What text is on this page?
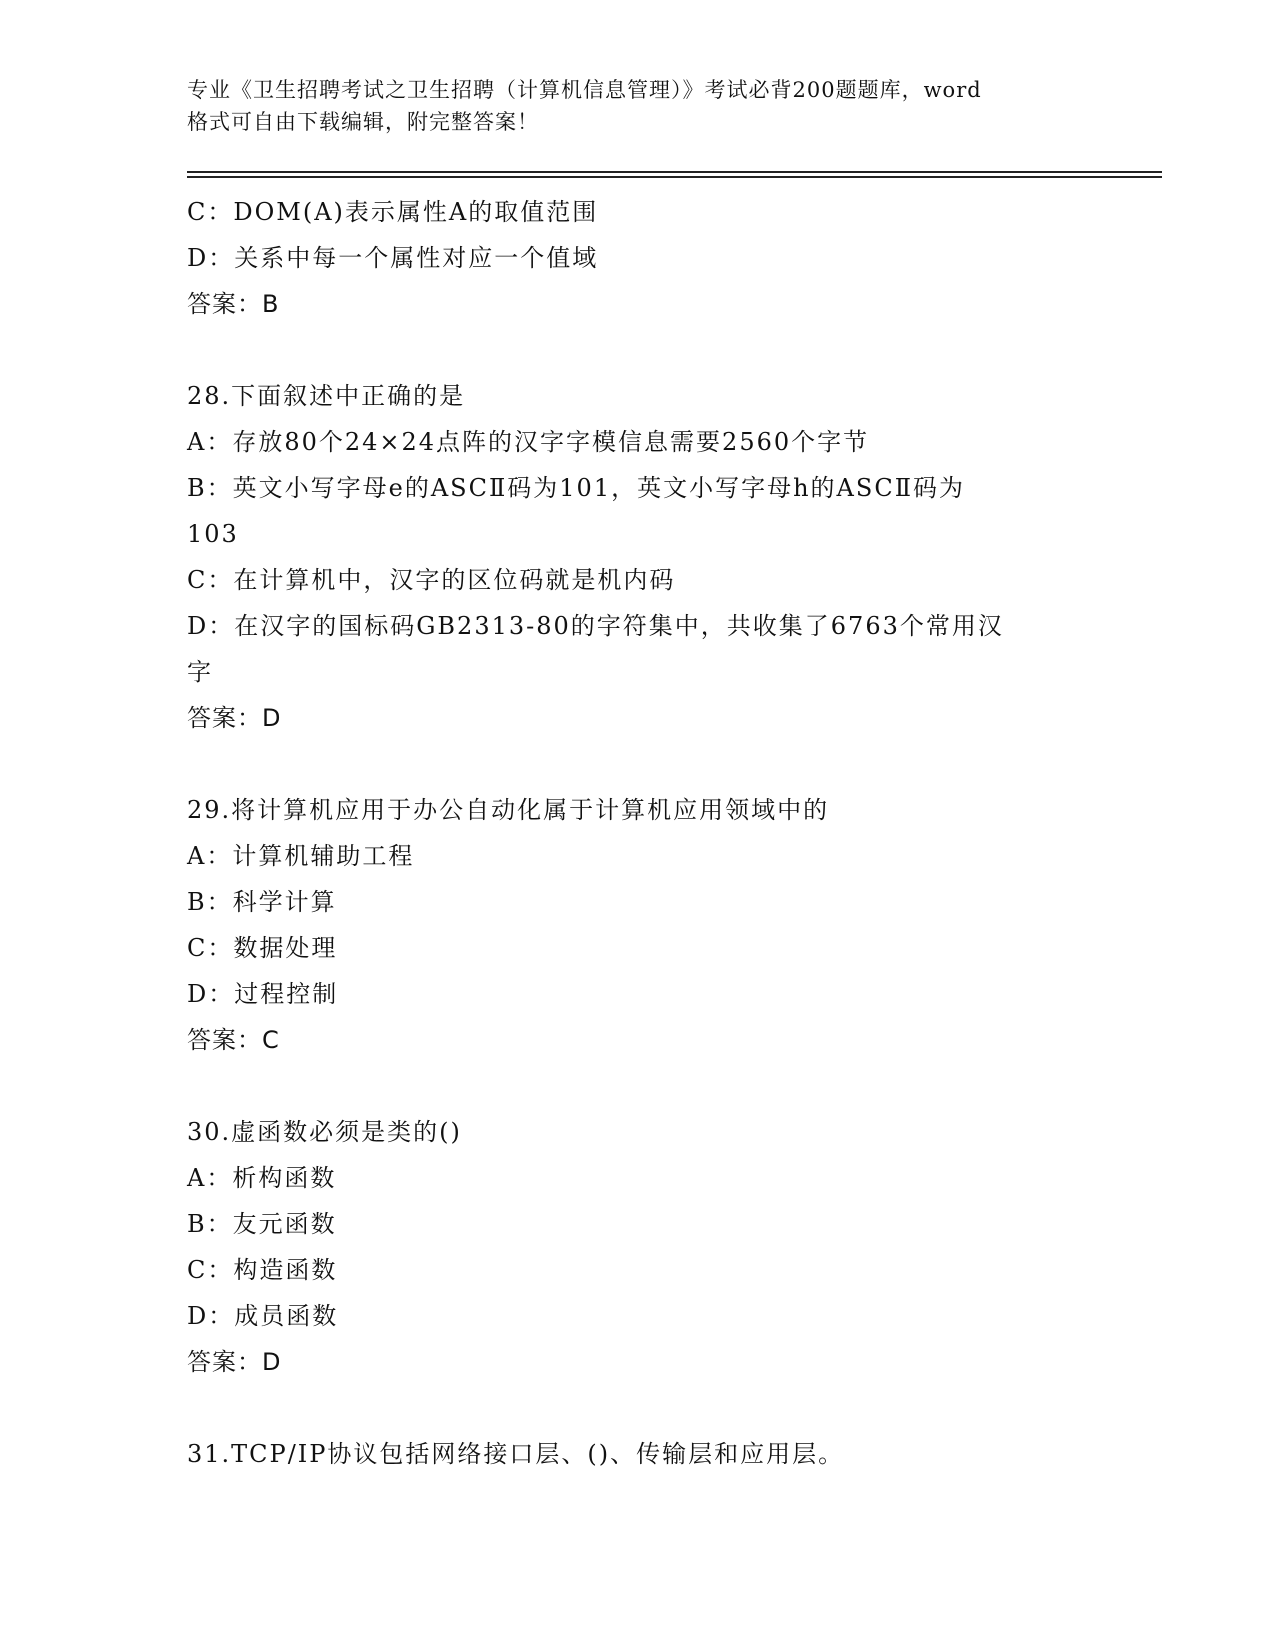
专业《卫生招聘考试之卫生招聘（计算机信息管理）》考试必背200题题库，word
格式可自由下载编辑，附完整答案！
C：DOM(A)表示属性A的取值范围
D：关系中每一个属性对应一个值域
答案：B
28.下面叙述中正确的是
A：存放80个24×24点阵的汉字字模信息需要2560个字节
B：英文小写字母e的ASCⅡ码为101，英文小写字母h的ASCⅡ码为
103
C：在计算机中，汉字的区位码就是机内码
D：在汉字的国标码GB2313-80的字符集中，共收集了6763个常用汉
字
答案：D
29.将计算机应用于办公自动化属于计算机应用领域中的
A：计算机辅助工程
B：科学计算
C：数据处理
D：过程控制
答案：C
30.虚函数必须是类的()
A：析构函数
B：友元函数
C：构造函数
D：成员函数
答案：D
31.TCP/IP协议包括网络接口层、()、传输层和应用层。
